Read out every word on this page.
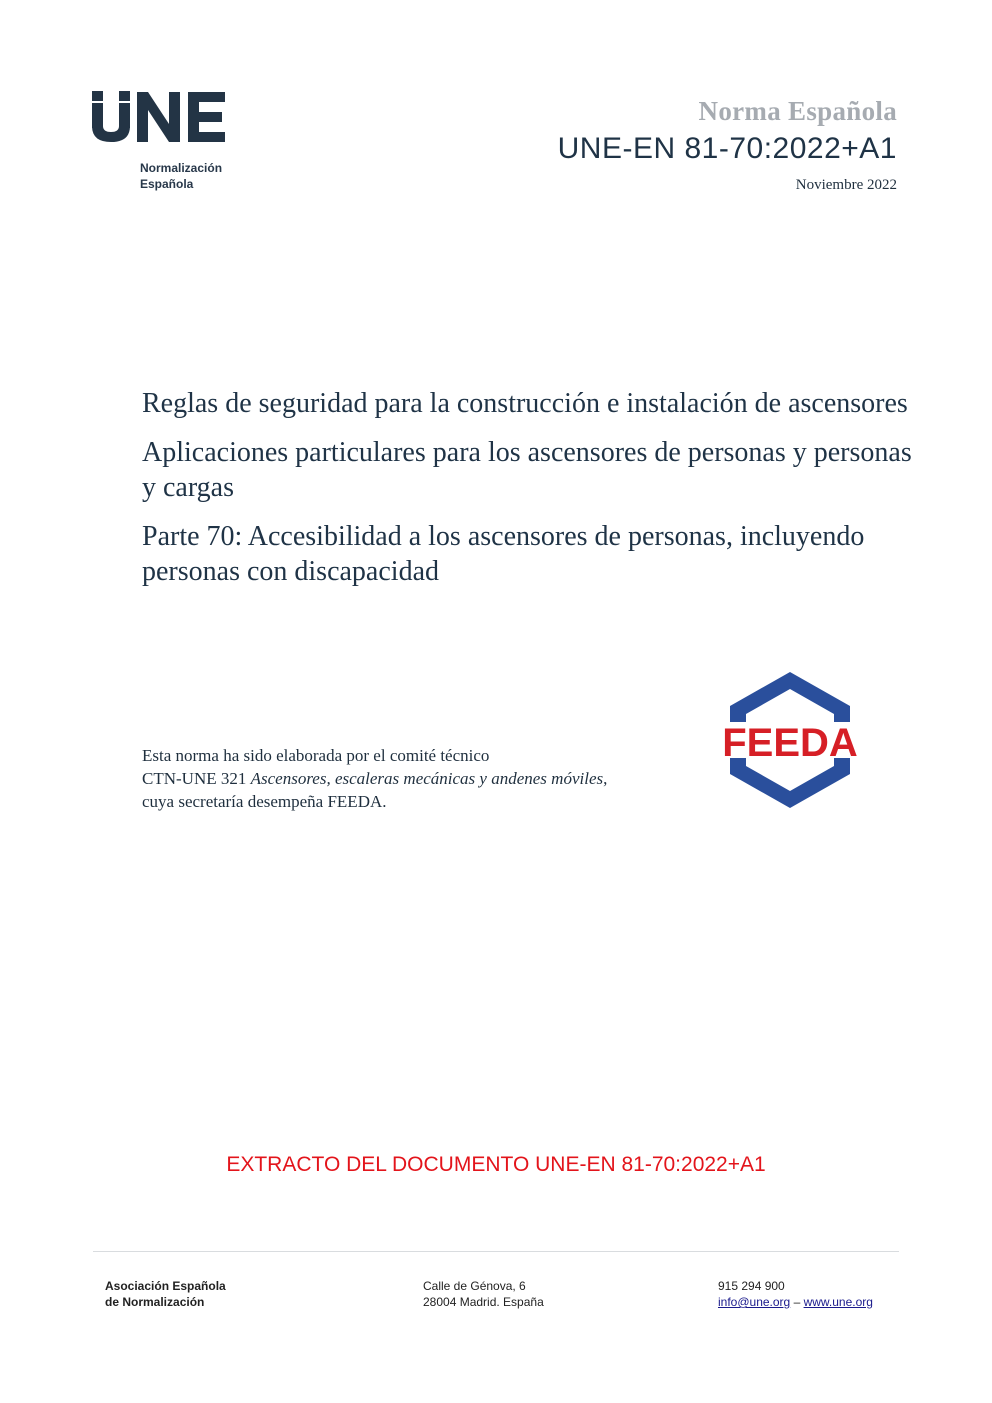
Normalización
Española
Norma Española
UNE-EN 81-70:2022+A1
Noviembre 2022

Reglas de seguridad para la construcción e instalación de ascensores

Aplicaciones particulares para los ascensores de personas y personas y cargas

Parte 70: Accesibilidad a los ascensores de personas, incluyendo personas con discapacidad

Esta norma ha sido elaborada por el comité técnico
CTN-UNE 321 Ascensores, escaleras mecánicas y andenes móviles, cuya secretaría desempeña FEEDA.
FEEDA
EXTRACTO DEL DOCUMENTO UNE-EN 81-70:2022+A1
Asociación Española
de Normalización
Calle de Génova, 6
28004 Madrid. España
915 294 900
info@une.org – www.une.org
